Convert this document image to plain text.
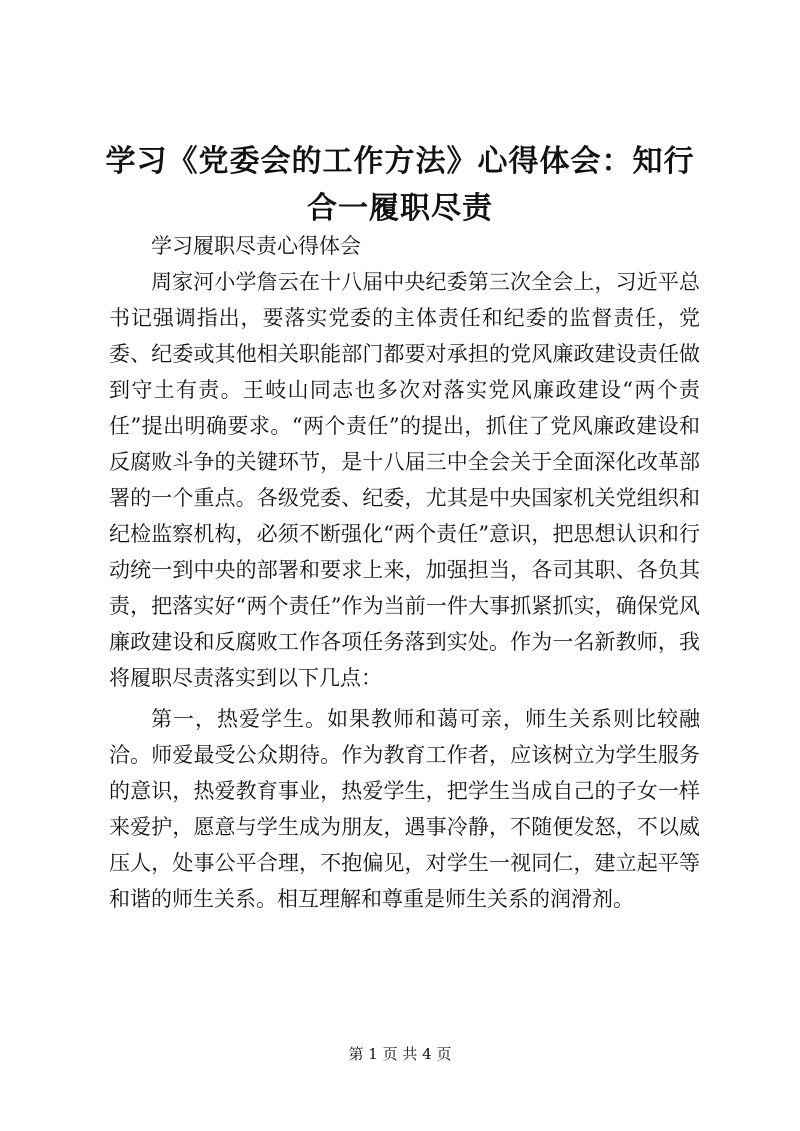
学习《党委会的工作方法》心得体会：知行合一履职尽责

学习履职尽责心得体会

周家河小学詹云在十八届中央纪委第三次全会上，习近平总书记强调指出，要落实党委的主体责任和纪委的监督责任，党委、纪委或其他相关职能部门都要对承担的党风廉政建设责任做到守土有责。王岐山同志也多次对落实党风廉政建设“两个责任”提出明确要求。“两个责任”的提出，抓住了党风廉政建设和反腐败斗争的关键环节，是十八届三中全会关于全面深化改革部署的一个重点。各级党委、纪委，尤其是中央国家机关党组织和纪检监察机构，必须不断强化“两个责任”意识，把思想认识和行动统一到中央的部署和要求上来，加强担当，各司其职、各负其责，把落实好“两个责任”作为当前一件大事抓紧抓实，确保党风廉政建设和反腐败工作各项任务落到实处。作为一名新教师，我将履职尽责落实到以下几点：

第一，热爱学生。如果教师和蔼可亲，师生关系则比较融洽。师爱最受公众期待。作为教育工作者，应该树立为学生服务的意识，热爱教育事业，热爱学生，把学生当成自己的子女一样来爱护，愿意与学生成为朋友，遇事冷静，不随便发怒，不以威压人，处事公平合理，不抱偏见，对学生一视同仁，建立起平等和谐的师生关系。相互理解和尊重是师生关系的润滑剂。

第 1 页 共 4 页
